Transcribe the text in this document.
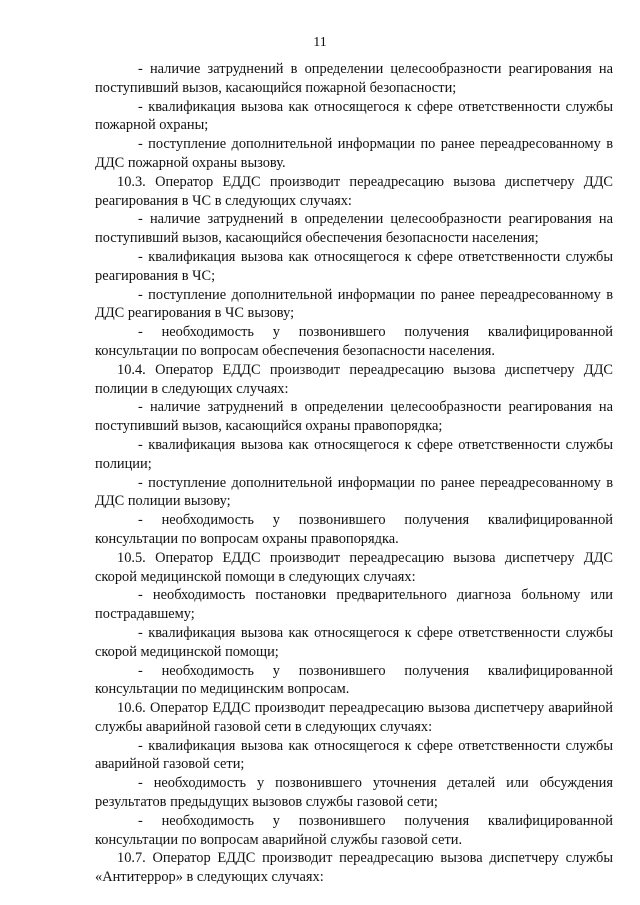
11

- наличие затруднений в определении целесообразности реагирования на поступивший вызов, касающийся пожарной безопасности;

- квалификация вызова как относящегося к сфере ответственности службы пожарной охраны;

- поступление дополнительной информации по ранее переадресованному в ДДС пожарной охраны вызову.

10.3. Оператор ЕДДС производит переадресацию вызова диспетчеру ДДС реагирования в ЧС в следующих случаях:

- наличие затруднений в определении целесообразности реагирования на поступивший вызов, касающийся обеспечения безопасности населения;

- квалификация вызова как относящегося к сфере ответственности службы реагирования в ЧС;

- поступление дополнительной информации по ранее переадресованному в ДДС реагирования в ЧС вызову;

- необходимость у позвонившего получения квалифицированной консультации по вопросам обеспечения безопасности населения.

10.4. Оператор ЕДДС производит переадресацию вызова диспетчеру ДДС полиции в следующих случаях:

- наличие затруднений в определении целесообразности реагирования на поступивший вызов, касающийся охраны правопорядка;

- квалификация вызова как относящегося к сфере ответственности службы полиции;

- поступление дополнительной информации по ранее переадресованному в ДДС полиции вызову;

- необходимость у позвонившего получения квалифицированной консультации по вопросам охраны правопорядка.

10.5. Оператор ЕДДС производит переадресацию вызова диспетчеру ДДС скорой медицинской помощи в следующих случаях:

- необходимость постановки предварительного диагноза больному или пострадавшему;

- квалификация вызова как относящегося к сфере ответственности службы скорой медицинской помощи;

- необходимость у позвонившего получения квалифицированной консультации по медицинским вопросам.

10.6. Оператор ЕДДС производит переадресацию вызова диспетчеру аварийной службы аварийной газовой сети в следующих случаях:

- квалификация вызова как относящегося к сфере ответственности службы аварийной газовой сети;

- необходимость у позвонившего уточнения деталей или обсуждения результатов предыдущих вызовов службы газовой сети;

- необходимость у позвонившего получения квалифицированной консультации по вопросам аварийной службы газовой сети.

10.7. Оператор ЕДДС производит переадресацию вызова диспетчеру службы «Антитеррор» в следующих случаях:
